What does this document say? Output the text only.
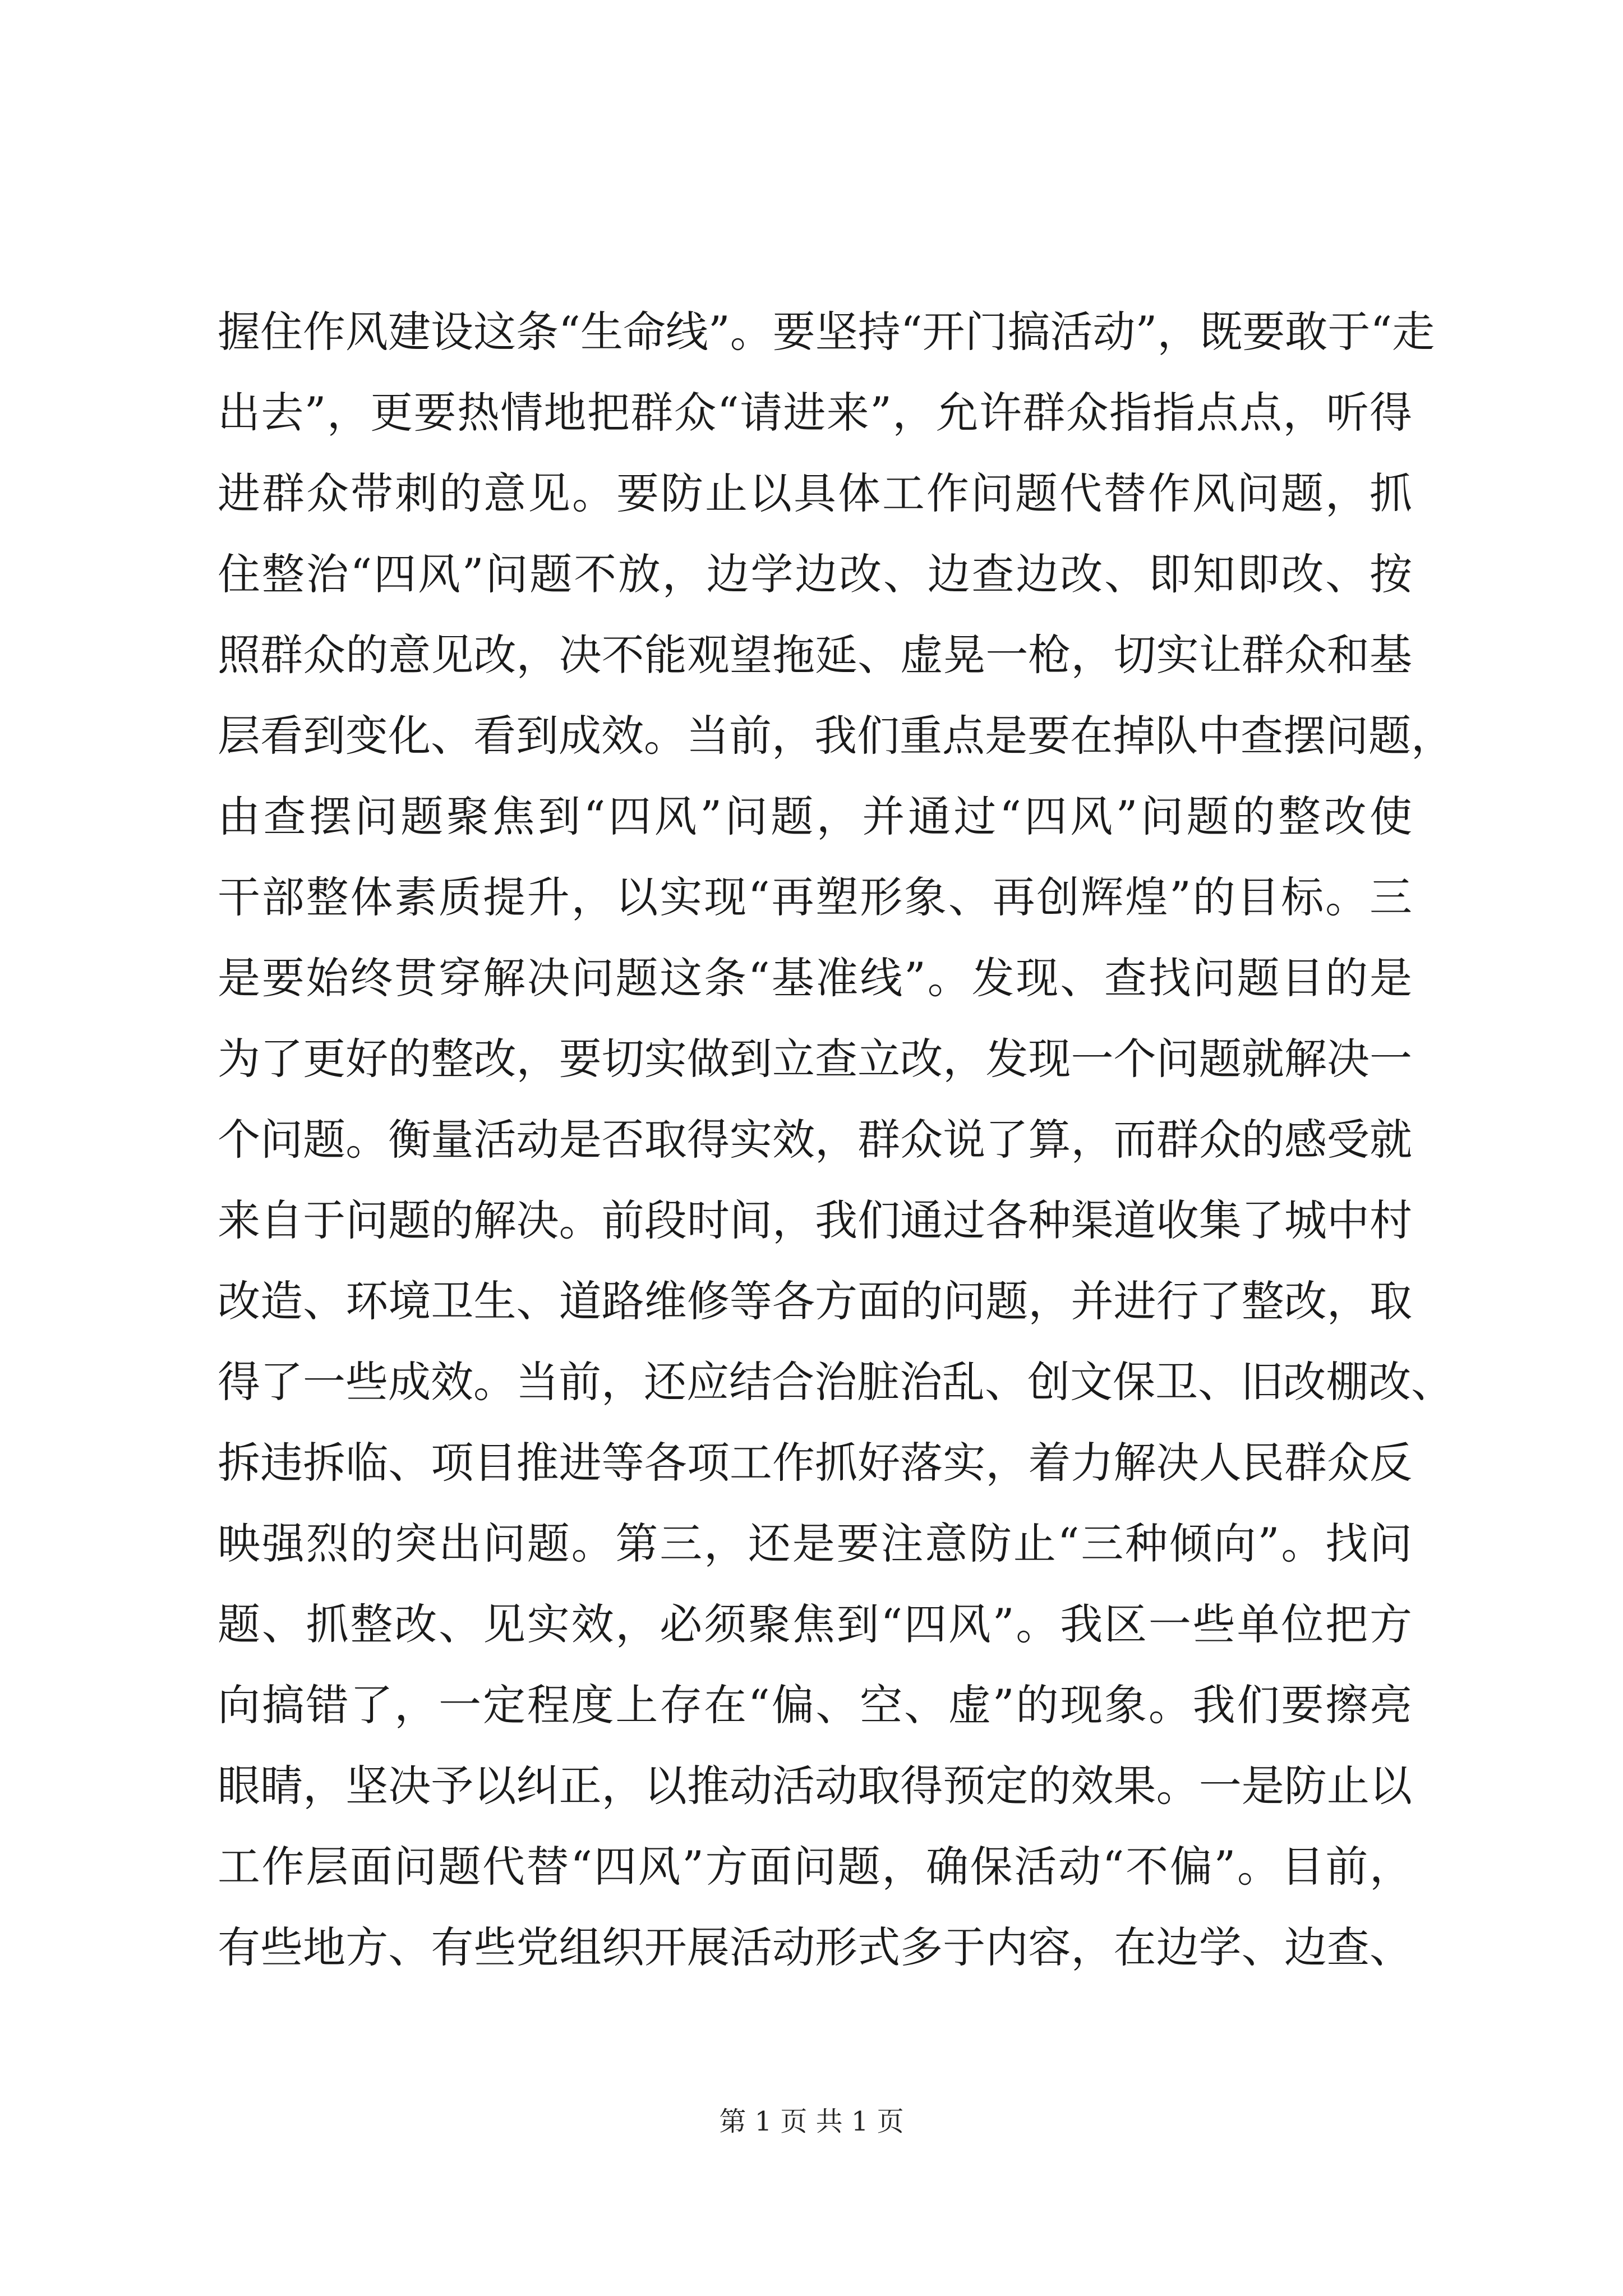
握住作风建设这条“生命线”。要坚持“开门搞活动”，既要敢于“走
出去”，更要热情地把群众“请进来”，允许群众指指点点，听得
进群众带刺的意见。要防止以具体工作问题代替作风问题，抓
住整治“四风”问题不放，边学边改、边查边改、即知即改、按
照群众的意见改，决不能观望拖延、虚晃一枪，切实让群众和基
层看到变化、看到成效。当前，我们重点是要在掉队中查摆问题，
由查摆问题聚焦到“四风”问题，并通过“四风”问题的整改使
干部整体素质提升，以实现“再塑形象、再创辉煌”的目标。三
是要始终贯穿解决问题这条“基准线”。发现、查找问题目的是
为了更好的整改，要切实做到立查立改，发现一个问题就解决一
个问题。衡量活动是否取得实效，群众说了算，而群众的感受就
来自于问题的解决。前段时间，我们通过各种渠道收集了城中村
改造、环境卫生、道路维修等各方面的问题，并进行了整改，取
得了一些成效。当前，还应结合治脏治乱、创文保卫、旧改棚改、
拆违拆临、项目推进等各项工作抓好落实，着力解决人民群众反
映强烈的突出问题。第三，还是要注意防止“三种倾向”。找问
题、抓整改、见实效，必须聚焦到“四风”。我区一些单位把方
向搞错了，一定程度上存在“偏、空、虚”的现象。我们要擦亮
眼睛，坚决予以纠正，以推动活动取得预定的效果。一是防止以
工作层面问题代替“四风”方面问题，确保活动“不偏”。目前，
有些地方、有些党组织开展活动形式多于内容，在边学、边查、
第 1 页 共 1 页
